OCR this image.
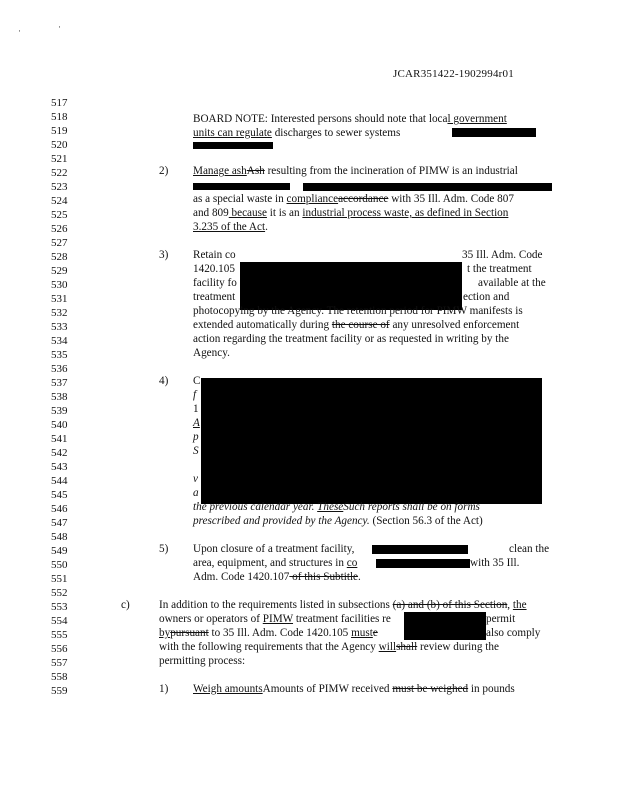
JCAR351422-1902994r01
517
518
519
520
521
522
523
524
525
526
527
528
529
530
531
532
533
534
535
536
537
538
539
540
541
542
543
544
545
546
547
548
549
550
551
552
553
554
555
556
557
558
559
BOARD NOTE: Interested persons should note that local government
units can regulate discharges to sewer systems
2) Manage ashAsh resulting from the incineration of PIMW is an industrial
as a special waste in complianceaccordance with 35 Ill. Adm. Code 807
and 809 because it is an industrial process waste, as defined in Section
3.235 of the Act.
3) Retain co	35 Ill. Adm. Code
1420.105	t the treatment
facility fo	available at the
treatment	ection and
photocopying by the Agency. The retention period for PIMW manifests is
extended automatically during the course of any unresolved enforcement
action regarding the treatment facility or as requested in writing by the
Agency.
4) C
f
1
A
p
S
v
a
the previous calendar year. TheseSuch reports shall be on forms
prescribed and provided by the Agency. (Section 56.3 of the Act)
5) Upon closure of a treatment facility,	clean the
area, equipment, and structures in co	with 35 Ill.
Adm. Code 1420.107 of this Subtitle.
c)	In addition to the requirements listed in subsections (a) and (b) of this Section, the
owners or operators of PIMW treatment facilities re	permit
bypursuant to 35 Ill. Adm. Code 1420.105 muste	also comply
with the following requirements that the Agency willshall review during the
permitting process:
1) Weigh amountsAmounts of PIMW received must be weighed in pounds
·	·
